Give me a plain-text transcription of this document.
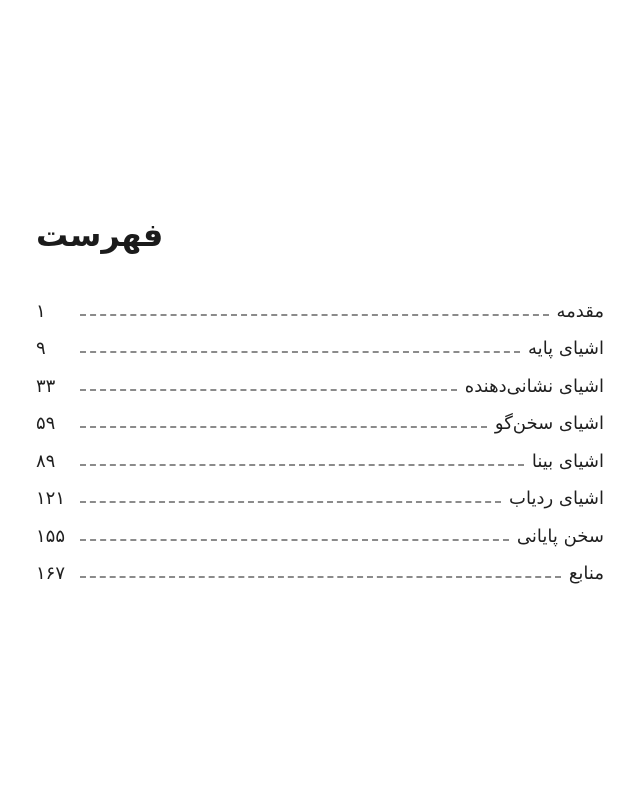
فهرست
مقدمه
۱
اشیای پایه
۹
اشیای نشانی‌دهنده
۳۳
اشیای سخن‌گو
۵۹
اشیای بینا
۸۹
اشیای ردیاب
۱۲۱
سخن پایانی
۱۵۵
منابع
۱۶۷
